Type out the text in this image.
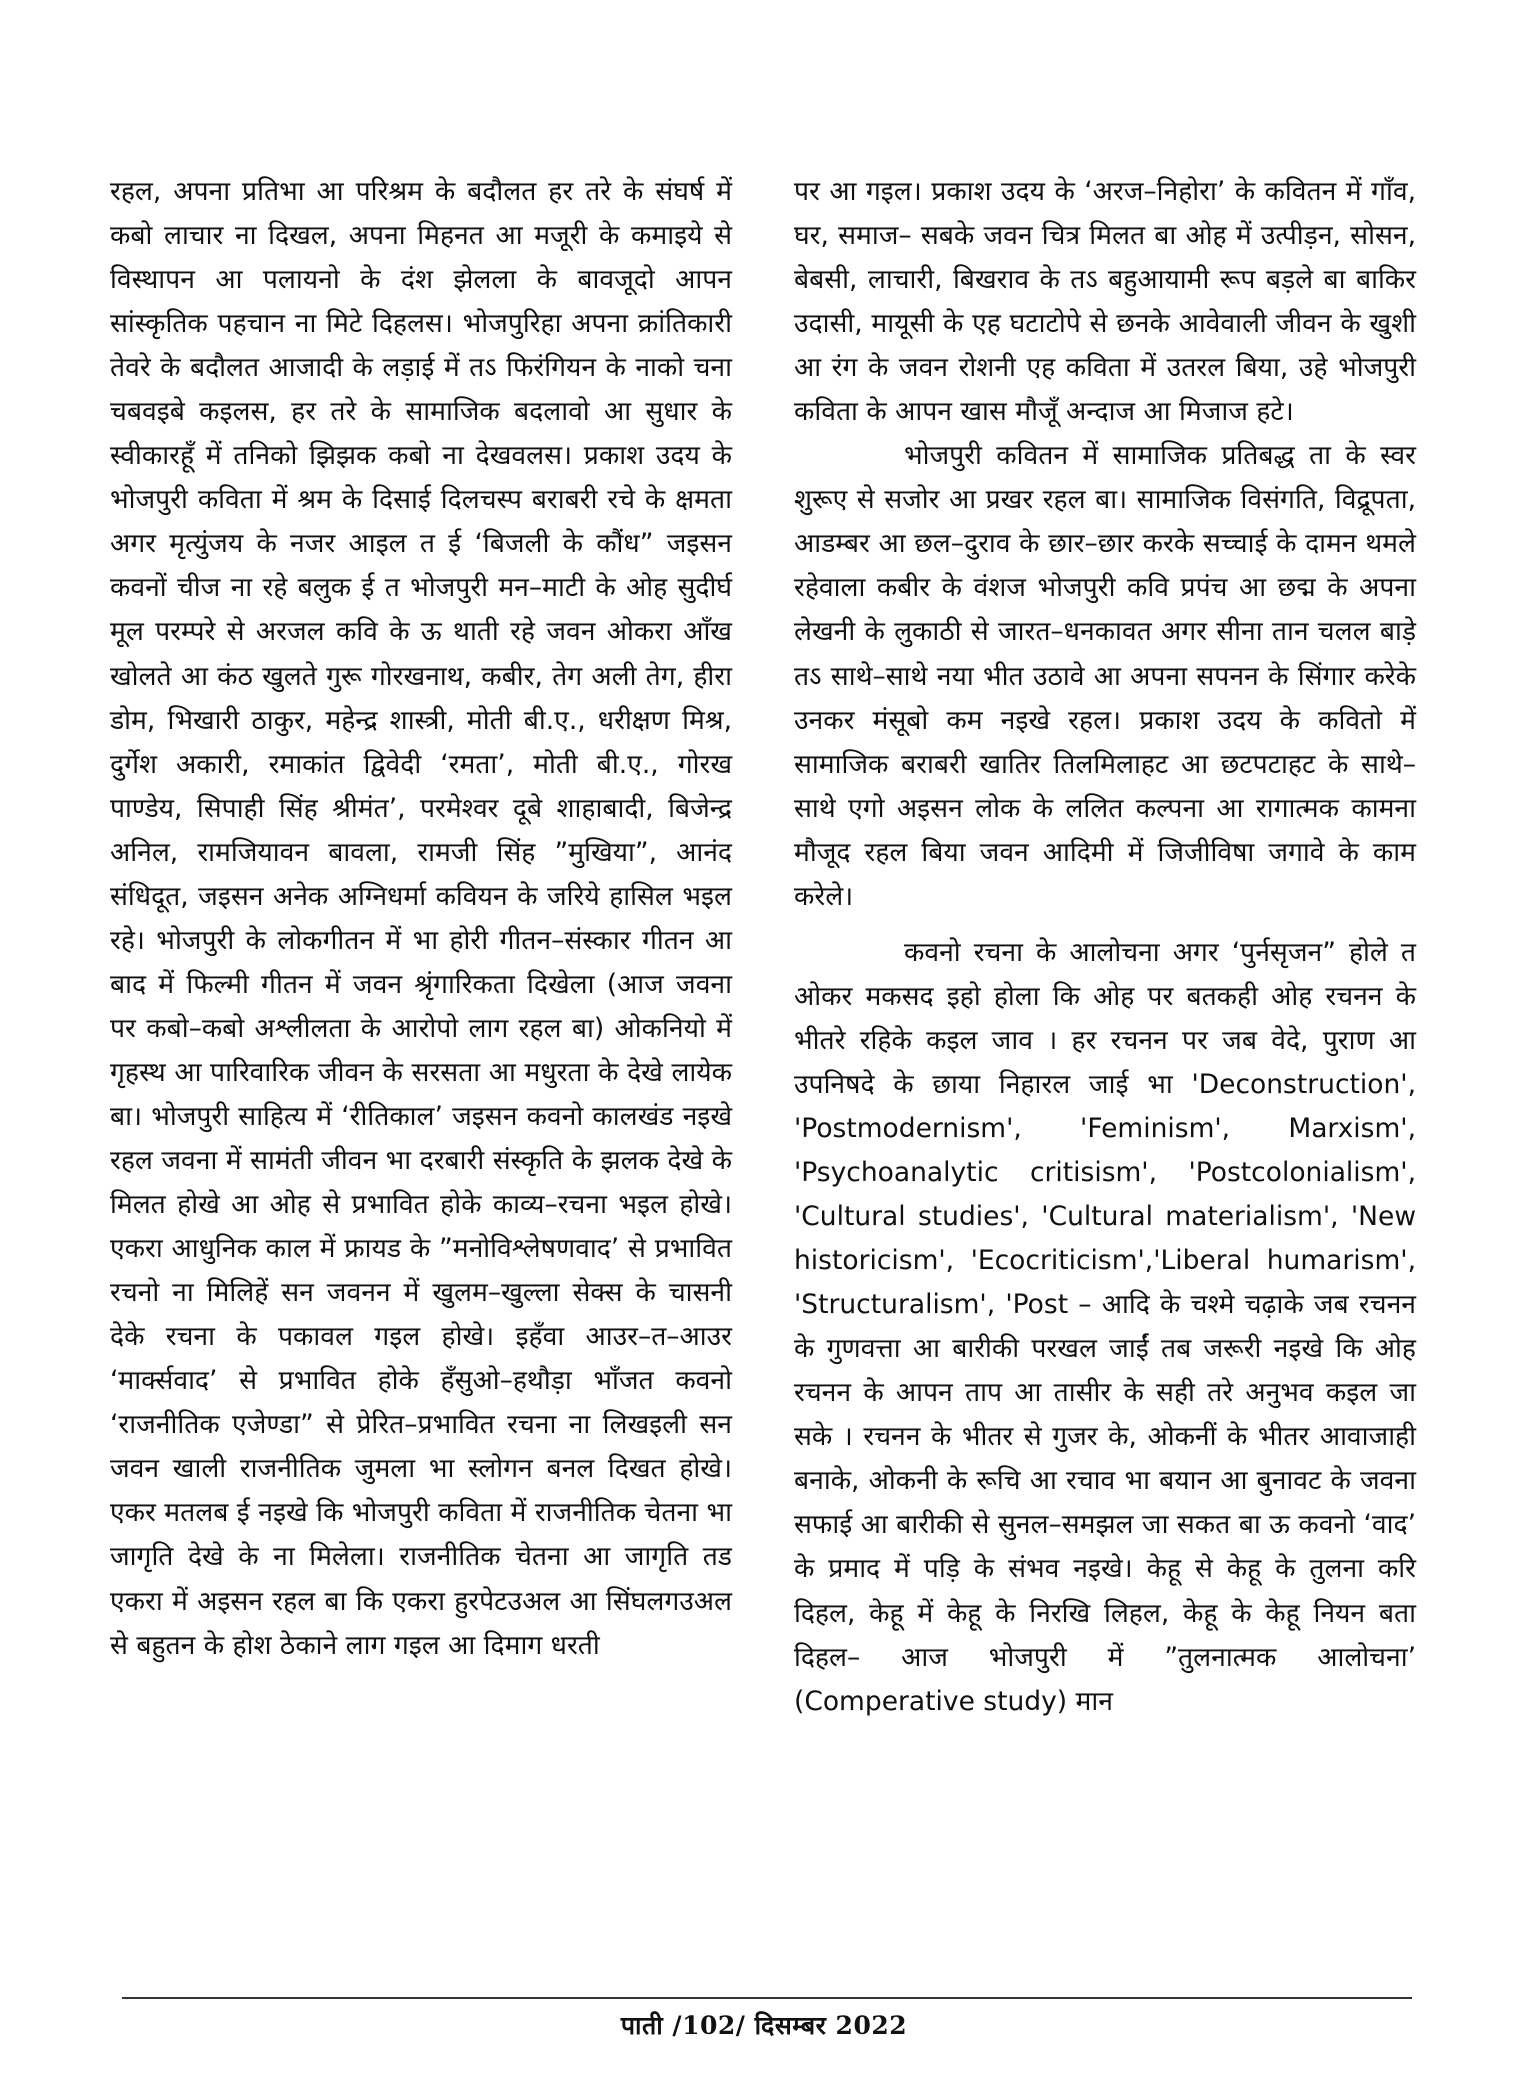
रहल, अपना प्रतिभा आ परिश्रम के बदौलत हर तरे के संघर्ष में कबो लाचार ना दिखल, अपना मिहनत आ मजूरी के कमाइये से विस्थापन आ पलायनो के दंश झेलला के बावजूदो आपन सांस्कृतिक पहचान ना मिटे दिहलस। भोजपुरिहा अपना क्रांतिकारी तेवरे के बदौलत आजादी के लड़ाई में तऽ फिरंगियन के नाको चना चबवइबे कइलस, हर तरे के सामाजिक बदलावो आ सुधार के स्वीकारहूँ में तनिको झिझक कबो ना देखवलस। प्रकाश उदय के भोजपुरी कविता में श्रम के दिसाई दिलचस्प बराबरी रचे के क्षमता अगर मृत्युंजय के नजर आइल त ई ‘बिजली के कौंध” जइसन कवनों चीज ना रहे बलुक ई त भोजपुरी मन–माटी के ओह सुदीर्घ मूल परम्परे से अरजल कवि के ऊ थाती रहे जवन ओकरा आँख खोलते आ कंठ खुलते गुरू गोरखनाथ, कबीर, तेग अली तेग, हीरा डोम, भिखारी ठाकुर, महेन्द्र शास्त्री, मोती बी.ए., धरीक्षण मिश्र, दुर्गेश अकारी, रमाकांत द्विवेदी ‘रमता’, मोती बी.ए., गोरख पाण्डेय, सिपाही सिंह श्रीमंत’, परमेश्वर दूबे शाहाबादी, बिजेन्द्र अनिल, रामजियावन बावला, रामजी सिंह ”मुखिया”, आनंद संधिदूत, जइसन अनेक अग्निधर्मा कवियन के जरिये हासिल भइल रहे। भोजपुरी के लोकगीतन में भा होरी गीतन–संस्कार गीतन आ बाद में फिल्मी गीतन में जवन श्रृंगारिकता दिखेला (आज जवना पर कबो–कबो अश्लीलता के आरोपो लाग रहल बा) ओकनियो में गृहस्थ आ पारिवारिक जीवन के सरसता आ मधुरता के देखे लायेक बा। भोजपुरी साहित्य में ‘रीतिकाल’ जइसन कवनो कालखंड नइखे रहल जवना में सामंती जीवन भा दरबारी संस्कृति के झलक देखे के मिलत होखे आ ओह से प्रभावित होके काव्य–रचना भइल होखे। एकरा आधुनिक काल में फ्रायड के ”मनोविश्लेषणवाद’ से प्रभावित रचनो ना मिलिहें सन जवनन में खुलम–खुल्ला सेक्स के चासनी देके रचना के पकावल गइल होखे। इहँवा आउर–त–आउर ‘मार्क्सवाद’ से प्रभावित होके हँसुओ–हथौड़ा भाँजत कवनो ‘राजनीतिक एजेण्डा” से प्रेरित–प्रभावित रचना ना लिखइली सन जवन खाली राजनीतिक जुमला भा स्लोगन बनल दिखत होखे। एकर मतलब ई नइखे कि भोजपुरी कविता में राजनीतिक चेतना भा जागृति देखे के ना मिलेला। राजनीतिक चेतना आ जागृति तड एकरा में अइसन रहल बा कि एकरा हुरपेटउअल आ सिंघलगउअल से बहुतन के होश ठेकाने लाग गइल आ दिमाग धरती

पर आ गइल। प्रकाश उदय के ‘अरज–निहोरा’ के कवितन में गाँव, घर, समाज– सबके जवन चित्र मिलत बा ओह में उत्पीड़न, सोसन, बेबसी, लाचारी, बिखराव के तऽ बहुआयामी रूप बड़ले बा बाकिर उदासी, मायूसी के एह घटाटोपे से छनके आवेवाली जीवन के खुशी आ रंग के जवन रोशनी एह कविता में उतरल बिया, उहे भोजपुरी कविता के आपन खास मौजूँ अन्दाज आ मिजाज हटे।

भोजपुरी कवितन में सामाजिक प्रतिबद्ध ता के स्वर शुरूए से सजोर आ प्रखर रहल बा। सामाजिक विसंगति, विद्रूपता, आडम्बर आ छल–दुराव के छार–छार करके सच्चाई के दामन थमले रहेवाला कबीर के वंशज भोजपुरी कवि प्रपंच आ छद्म के अपना लेखनी के लुकाठी से जारत–धनकावत अगर सीना तान चलल बाड़े तऽ साथे–साथे नया भीत उठावे आ अपना सपनन के सिंगार करेके उनकर मंसूबो कम नइखे रहल। प्रकाश उदय के कवितो में सामाजिक बराबरी खातिर तिलमिलाहट आ छटपटाहट के साथे–साथे एगो अइसन लोक के ललित कल्पना आ रागात्मक कामना मौजूद रहल बिया जवन आदिमी में जिजीविषा जगावे के काम करेले।

कवनो रचना के आलोचना अगर ‘पुर्नसृजन” होले त ओकर मकसद इहो होला कि ओह पर बतकही ओह रचनन के भीतरे रहिके कइल जाव । हर रचनन पर जब वेदे, पुराण आ उपनिषदे के छाया निहारल जाई भा 'Deconstruction', 'Postmodernism', 'Feminism', Marxism', 'Psychoanalytic critisism', 'Postcolonialism', 'Cultural studies', 'Cultural materialism', 'New historicism', 'Ecocriticism','Liberal humarism', 'Structuralism', 'Post – आदि के चश्मे चढ़ाके जब रचनन के गुणवत्ता आ बारीकी परखल जाईं तब जरूरी नइखे कि ओह रचनन के आपन ताप आ तासीर के सही तरे अनुभव कइल जा सके । रचनन के भीतर से गुजर के, ओकनीं के भीतर आवाजाही बनाके, ओकनी के रूचि आ रचाव भा बयान आ बुनावट के जवना सफाई आ बारीकी से सुनल–समझल जा सकत बा ऊ कवनो ‘वाद’ के प्रमाद में पड़ि के संभव नइखे। केहू से केहू के तुलना करि दिहल, केहू में केहू के निरखि लिहल, केहू के केहू नियन बता दिहल– आज भोजपुरी में ”तुलनात्मक आलोचना’ (Comperative study) मान

पाती /102/ दिसम्बर 2022
